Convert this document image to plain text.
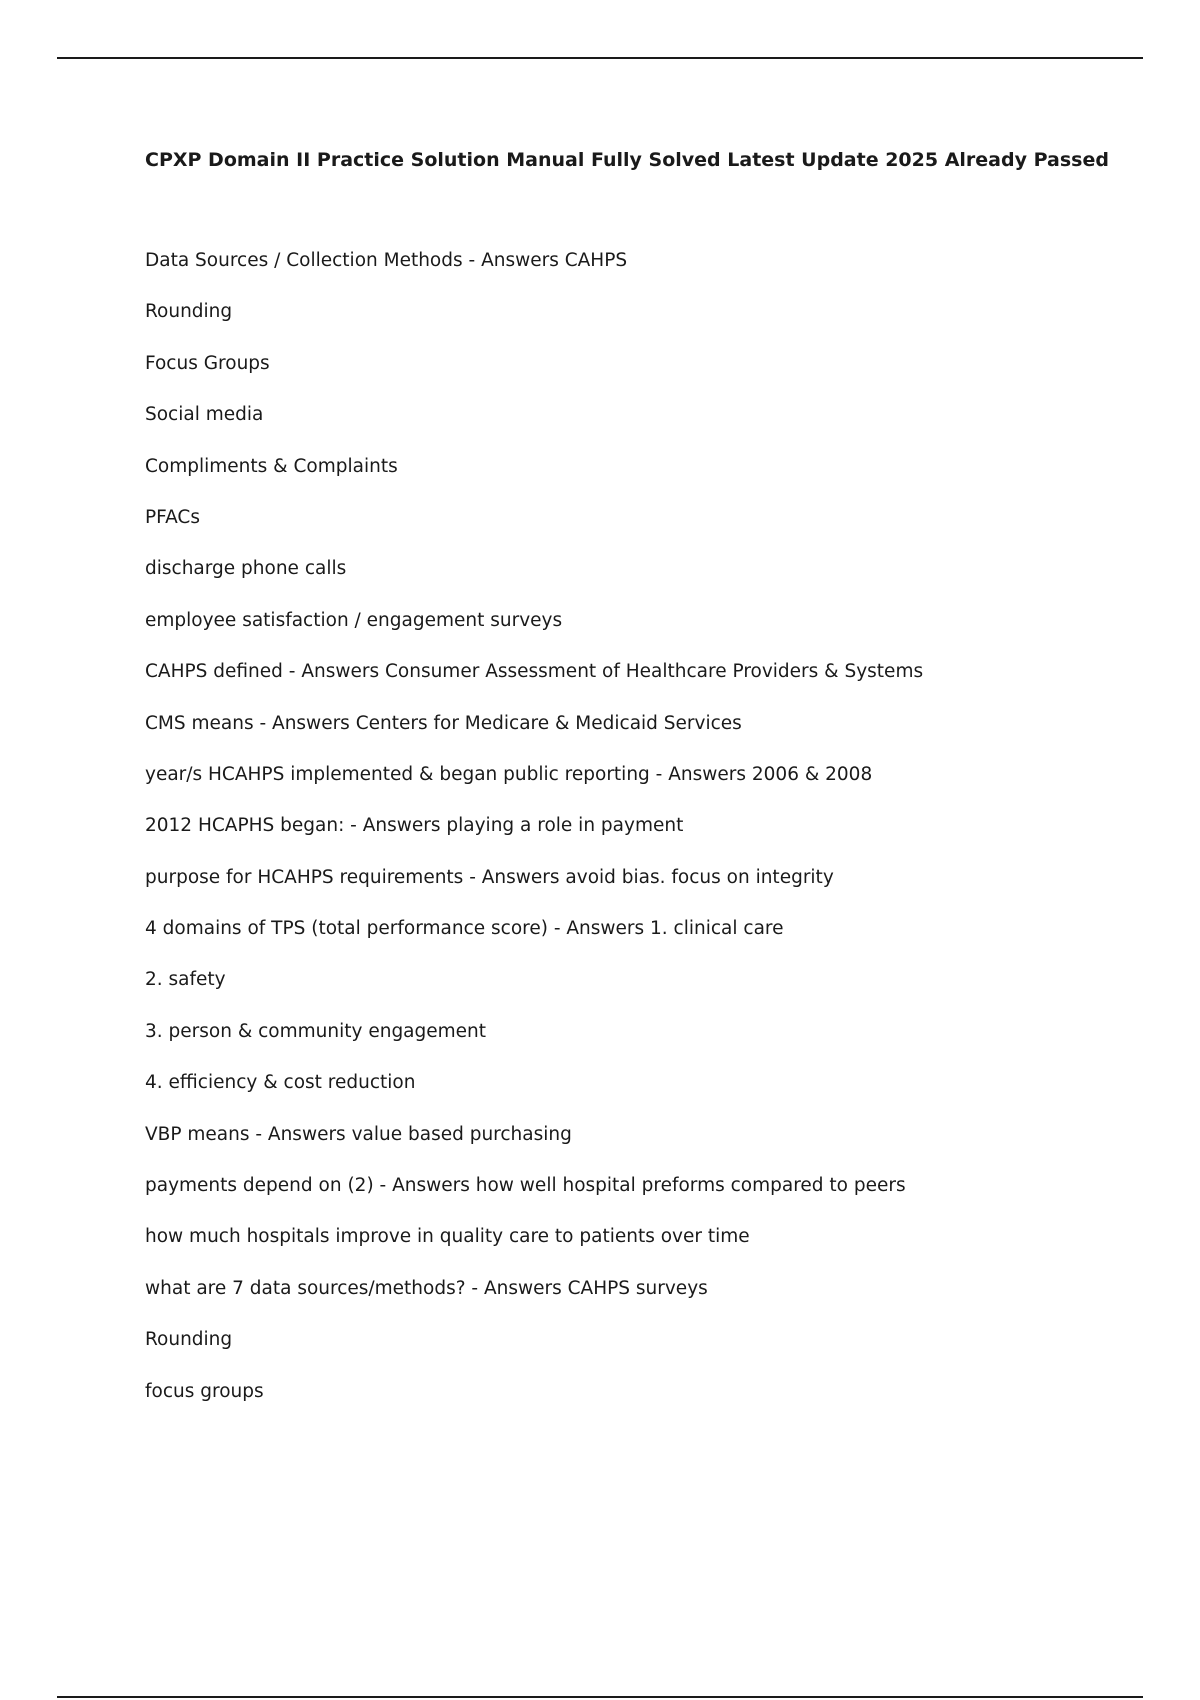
CPXP Domain II Practice Solution Manual Fully Solved Latest Update 2025 Already Passed
Data Sources / Collection Methods - Answers CAHPS
Rounding
Focus Groups
Social media
Compliments & Complaints
PFACs
discharge phone calls
employee satisfaction / engagement surveys
CAHPS defined - Answers Consumer Assessment of Healthcare Providers & Systems
CMS means - Answers Centers for Medicare & Medicaid Services
year/s HCAHPS implemented & began public reporting - Answers 2006 & 2008
2012 HCAPHS began: - Answers playing a role in payment
purpose for HCAHPS requirements - Answers avoid bias. focus on integrity
4 domains of TPS (total performance score) - Answers 1. clinical care
2. safety
3. person & community engagement
4. efficiency & cost reduction
VBP means - Answers value based purchasing
payments depend on (2) - Answers how well hospital preforms compared to peers
how much hospitals improve in quality care to patients over time
what are 7 data sources/methods? - Answers CAHPS surveys
Rounding
focus groups
